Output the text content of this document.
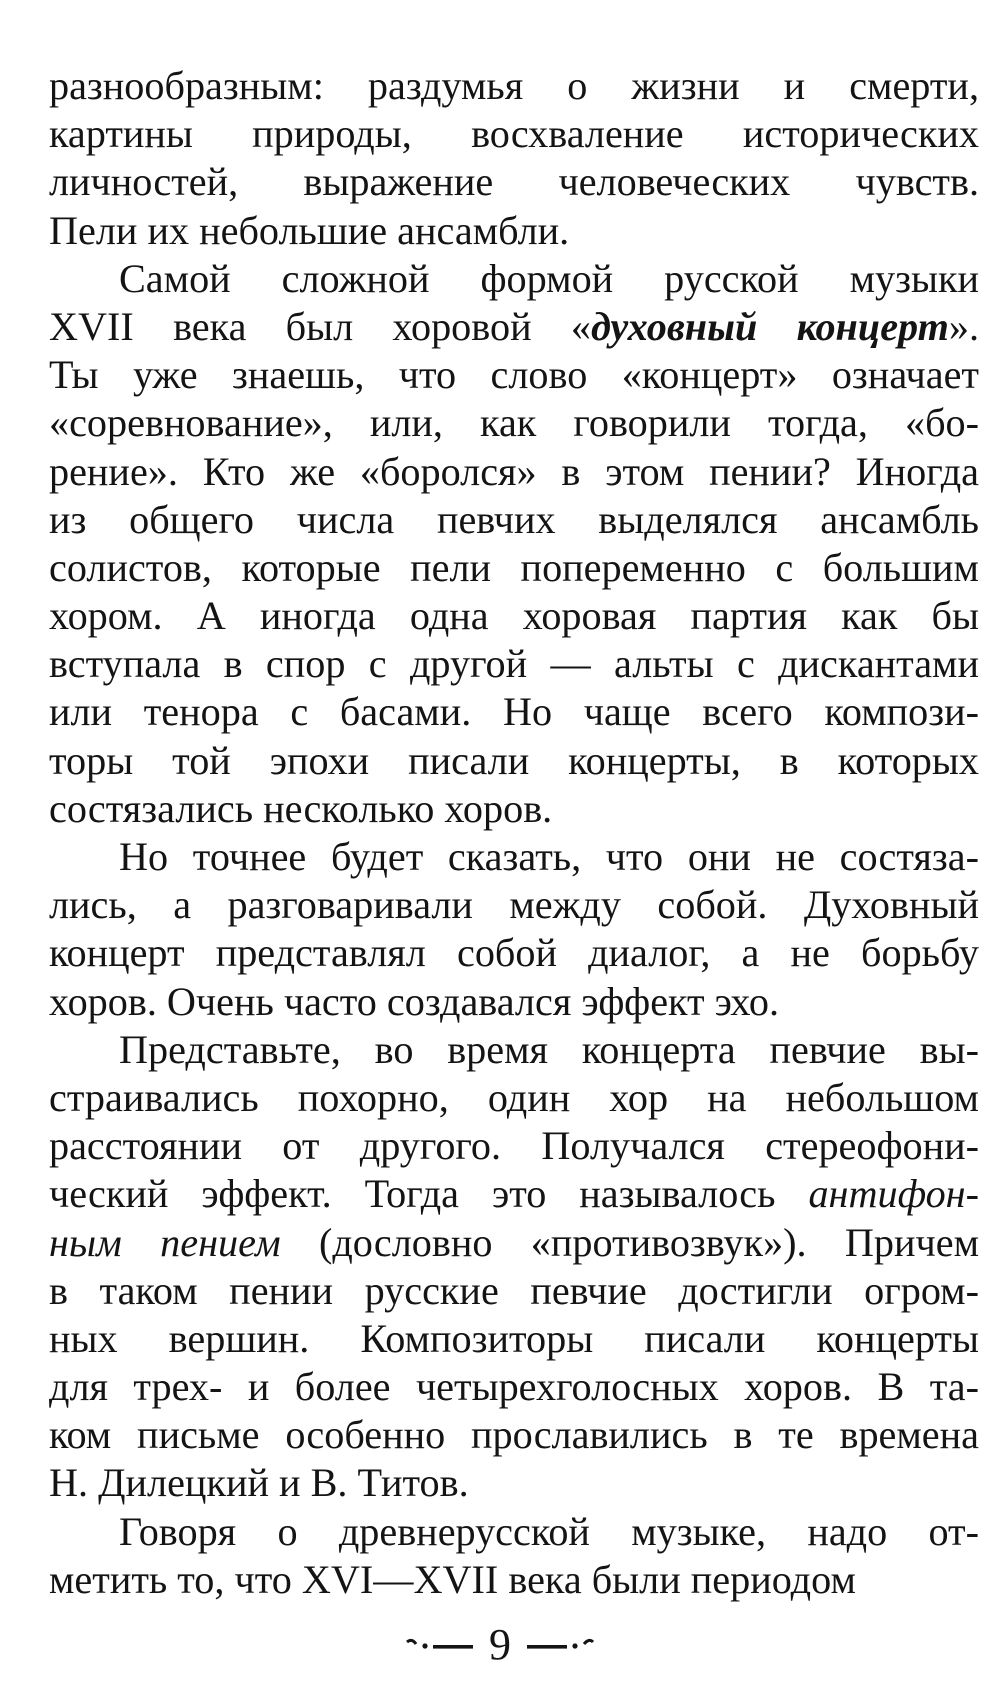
разнообразным: раздумья о жизни и смерти,
картины природы, восхваление исторических
личностей, выражение человеческих чувств.
Пели их небольшие ансамбли.
Самой сложной формой русской музыки
XVII века был хоровой «духовный концерт».
Ты уже знаешь, что слово «концерт» означает
«соревнование», или, как говорили тогда, «бо-
рение». Кто же «боролся» в этом пении? Иногда
из общего числа певчих выделялся ансамбль
солистов, которые пели попеременно с большим
хором. А иногда одна хоровая партия как бы
вступала в спор с другой — альты с дискантами
или тенора с басами. Но чаще всего компози-
торы той эпохи писали концерты, в которых
состязались несколько хоров.
Но точнее будет сказать, что они не состяза-
лись, а разговаривали между собой. Духовный
концерт представлял собой диалог, а не борьбу
хоров. Очень часто создавался эффект эхо.
Представьте, во время концерта певчие вы-
страивались похорно, один хор на небольшом
расстоянии от другого. Получался стереофони-
ческий эффект. Тогда это называлось антифон-
ным пением (дословно «противозвук»). Причем
в таком пении русские певчие достигли огром-
ных вершин. Композиторы писали концерты
для трех- и более четырехголосных хоров. В та-
ком письме особенно прославились в те времена
Н. Дилецкий и В. Титов.
Говоря о древнерусской музыке, надо от-
метить то, что XVI—XVII века были периодом
9
